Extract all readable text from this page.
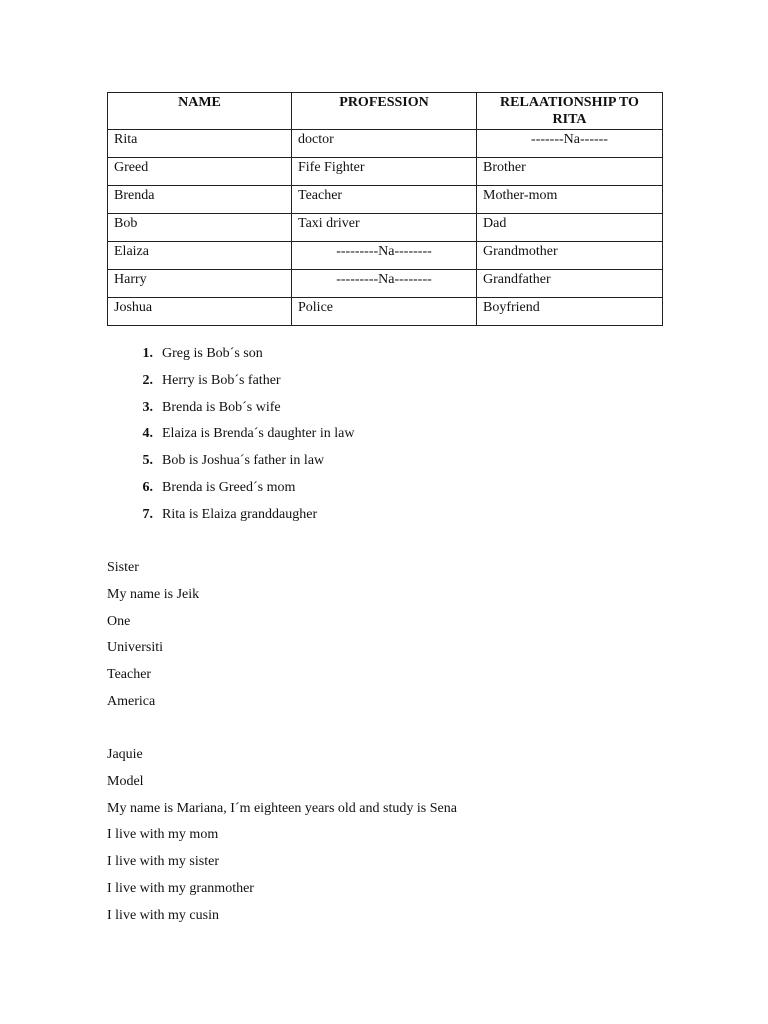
NAME	PROFESSION	RELAATIONSHIP TO RITA
Rita	doctor	-------Na------
Greed	Fife Fighter	Brother
Brenda	Teacher	Mother-mom
Bob	Taxi driver	Dad
Elaiza	---------Na--------	Grandmother
Harry	---------Na--------	Grandfather
Joshua	Police	Boyfriend
1. Greg is Bob´s son
2. Herry is Bob´s father
3. Brenda is Bob´s wife
4. Elaiza is Brenda´s daughter in law
5. Bob is Joshua´s father in law
6. Brenda is Greed´s mom
7. Rita is Elaiza granddaugher

Sister

My name is Jeik

One

Universiti

Teacher

America

Jaquie

Model

My name is Mariana, I´m eighteen years old and study is Sena

I live with my mom

I live with my sister

I live with my granmother

I live with my cusin
